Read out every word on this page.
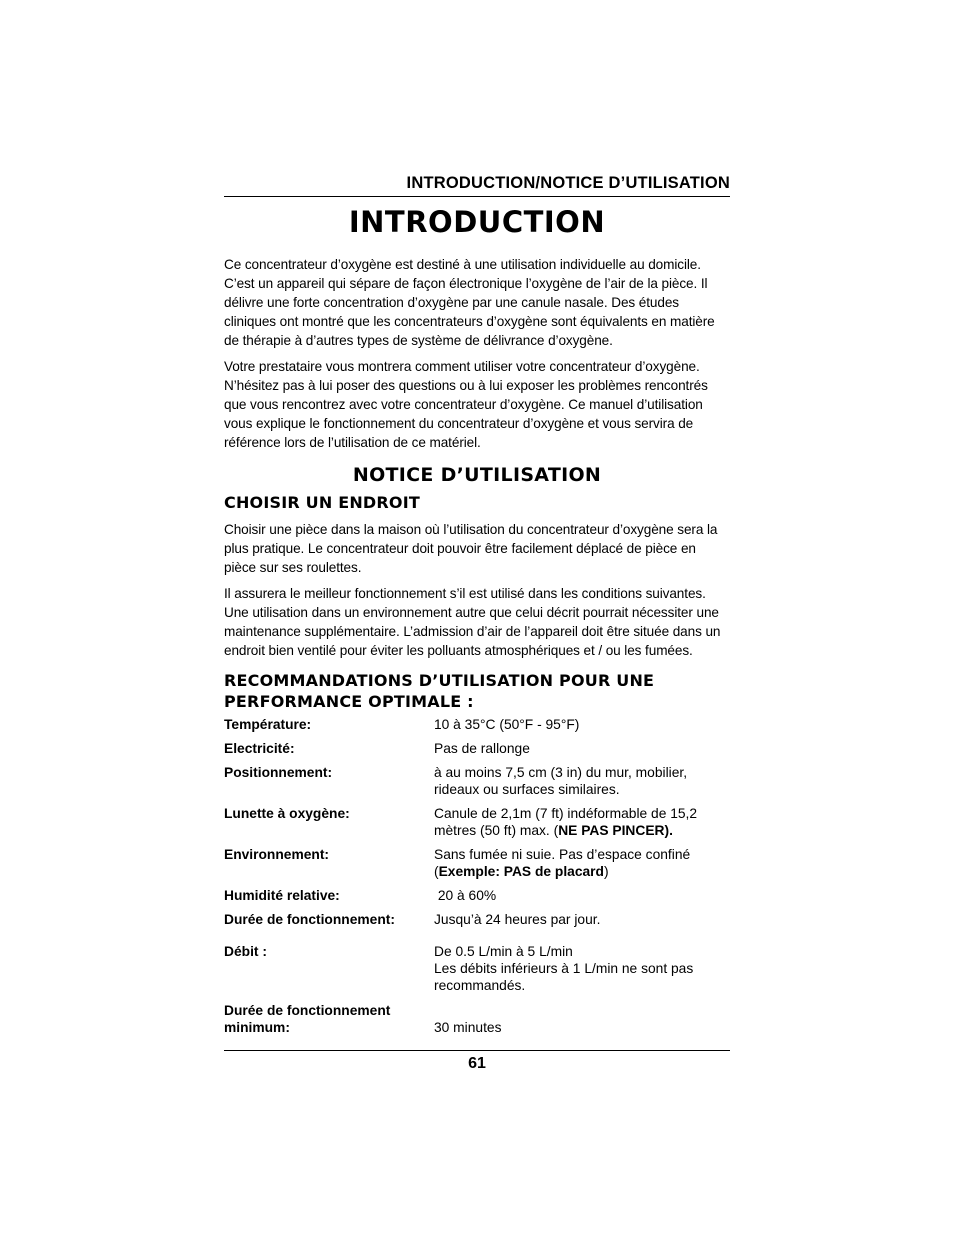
INTRODUCTION/NOTICE D’UTILISATION
INTRODUCTION

Ce concentrateur d’oxygène est destiné à une utilisation individuelle au domicile. C’est un appareil qui sépare de façon électronique l’oxygène de l’air de la pièce. Il délivre une forte concentration d’oxygène par une canule nasale. Des études cliniques ont montré que les concentrateurs d’oxygène sont équivalents en matière de thérapie à d’autres types de système de délivrance d’oxygène.

Votre prestataire vous montrera comment utiliser votre concentrateur d’oxygène. N’hésitez pas à lui poser des questions ou à lui exposer les problèmes rencontrés que vous rencontrez avec votre concentrateur d’oxygène. Ce manuel d’utilisation vous explique le fonctionnement du concentrateur d’oxygène et vous servira de référence lors de l’utilisation de ce matériel.

NOTICE D’UTILISATION
CHOISIR UN ENDROIT

Choisir une pièce dans la maison où l’utilisation du concentrateur d’oxygène sera la plus pratique. Le concentrateur doit pouvoir être facilement déplacé de pièce en pièce sur ses roulettes.

Il assurera le meilleur fonctionnement s’il est utilisé dans les conditions suivantes. Une utilisation dans un environnement autre que celui décrit pourrait nécessiter une maintenance supplémentaire. L’admission d’air de l’appareil doit être située dans un endroit bien ventilé pour éviter les polluants atmosphériques et / ou les fumées.

RECOMMANDATIONS D’UTILISATION POUR UNE PERFORMANCE OPTIMALE :
Température:	10 à 35°C (50°F - 95°F)
Electricité:	Pas de rallonge
Positionnement:	à au moins 7,5 cm (3 in) du mur, mobilier, rideaux ou surfaces similaires.
Lunette à oxygène:	Canule de 2,1m (7 ft) indéformable de 15,2 mètres (50 ft) max. (NE PAS PINCER).
Environnement:	Sans fumée ni suie. Pas d’espace confiné (Exemple: PAS de placard)
Humidité relative:	20 à 60%
Durée de fonctionnement:	Jusqu’à 24 heures par jour.
Débit :	De 0.5 L/min à 5 L/min
Les débits inférieurs à 1 L/min ne sont pas recommandés.

Durée de fonctionnement minimum:	30 minutes
61
